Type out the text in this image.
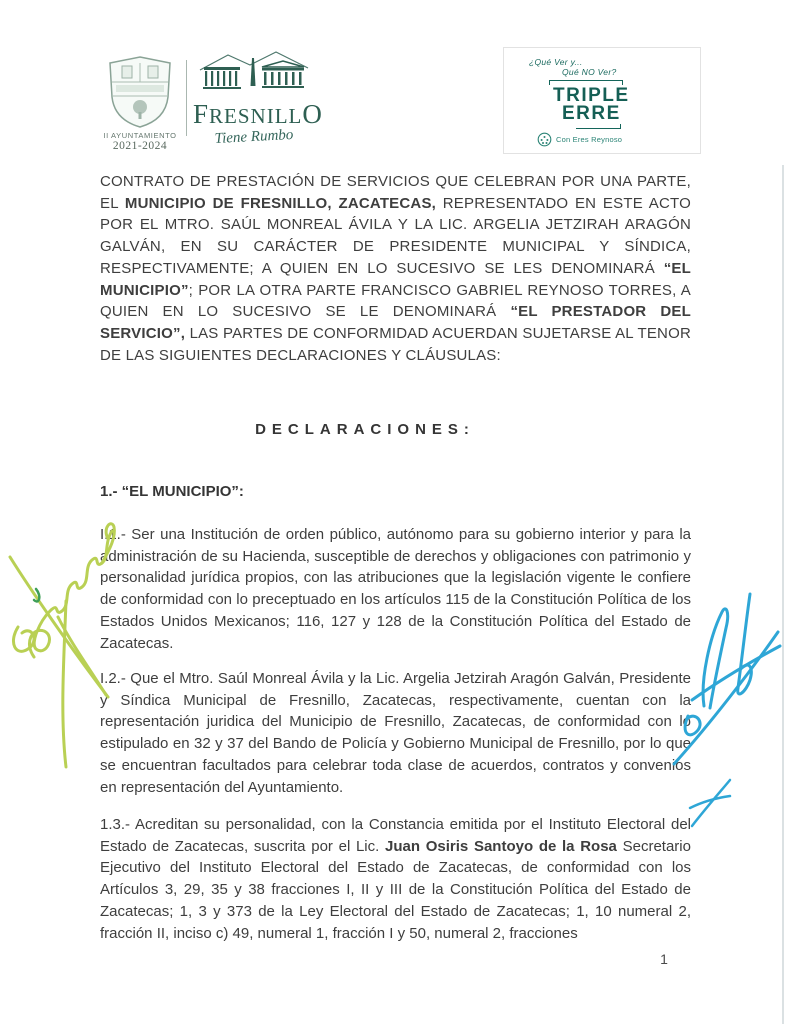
II AYUNTAMIENTO
2021-2024
FRESNILLO
Tiene Rumbo
¿Qué Ver y...
Qué NO Ver?
TRIPLE
ERRE
Con Eres Reynoso

CONTRATO DE PRESTACIÓN DE SERVICIOS QUE CELEBRAN POR UNA PARTE, EL MUNICIPIO DE FRESNILLO, ZACATECAS, REPRESENTADO EN ESTE ACTO POR EL MTRO. SAÚL MONREAL ÁVILA Y LA LIC. ARGELIA JETZIRAH ARAGÓN GALVÁN, EN SU CARÁCTER DE PRESIDENTE MUNICIPAL Y SÍNDICA, RESPECTIVAMENTE; A QUIEN EN LO SUCESIVO SE LES DENOMINARÁ “EL MUNICIPIO”; POR LA OTRA PARTE FRANCISCO GABRIEL REYNOSO TORRES, A QUIEN EN LO SUCESIVO SE LE DENOMINARÁ “EL PRESTADOR DEL SERVICIO”, LAS PARTES DE CONFORMIDAD ACUERDAN SUJETARSE AL TENOR DE LAS SIGUIENTES DECLARACIONES Y CLÁUSULAS:

DECLARACIONES:
1.- “EL MUNICIPIO”:

I.1.- Ser una Institución de orden público, autónomo para su gobierno interior y para la administración de su Hacienda, susceptible de derechos y obligaciones con patrimonio y personalidad jurídica propios, con las atribuciones que la legislación vigente le confiere de conformidad con lo preceptuado en los artículos 115 de la Constitución Política de los Estados Unidos Mexicanos; 116, 127 y 128 de la Constitución Política del Estado de Zacatecas.

I.2.- Que el Mtro. Saúl Monreal Ávila y la Lic. Argelia Jetzirah Aragón Galván, Presidente y Síndica Municipal de Fresnillo, Zacatecas, respectivamente, cuentan con la representación juridica del Municipio de Fresnillo, Zacatecas, de conformidad con lo estipulado en 32 y 37 del Bando de Policía y Gobierno Municipal de Fresnillo, por lo que se encuentran facultados para celebrar toda clase de acuerdos, contratos y convenios en representación del Ayuntamiento.

1.3.- Acreditan su personalidad, con la Constancia emitida por el Instituto Electoral del Estado de Zacatecas, suscrita por el Lic. Juan Osiris Santoyo de la Rosa Secretario Ejecutivo del Instituto Electoral del Estado de Zacatecas, de conformidad con los Artículos 3, 29, 35 y 38 fracciones I, II y III de la Constitución Política del Estado de Zacatecas; 1, 3 y 373 de la Ley Electoral del Estado de Zacatecas; 1, 10 numeral 2, fracción II, inciso c) 49, numeral 1, fracción I y 50, numeral 2, fracciones

1
